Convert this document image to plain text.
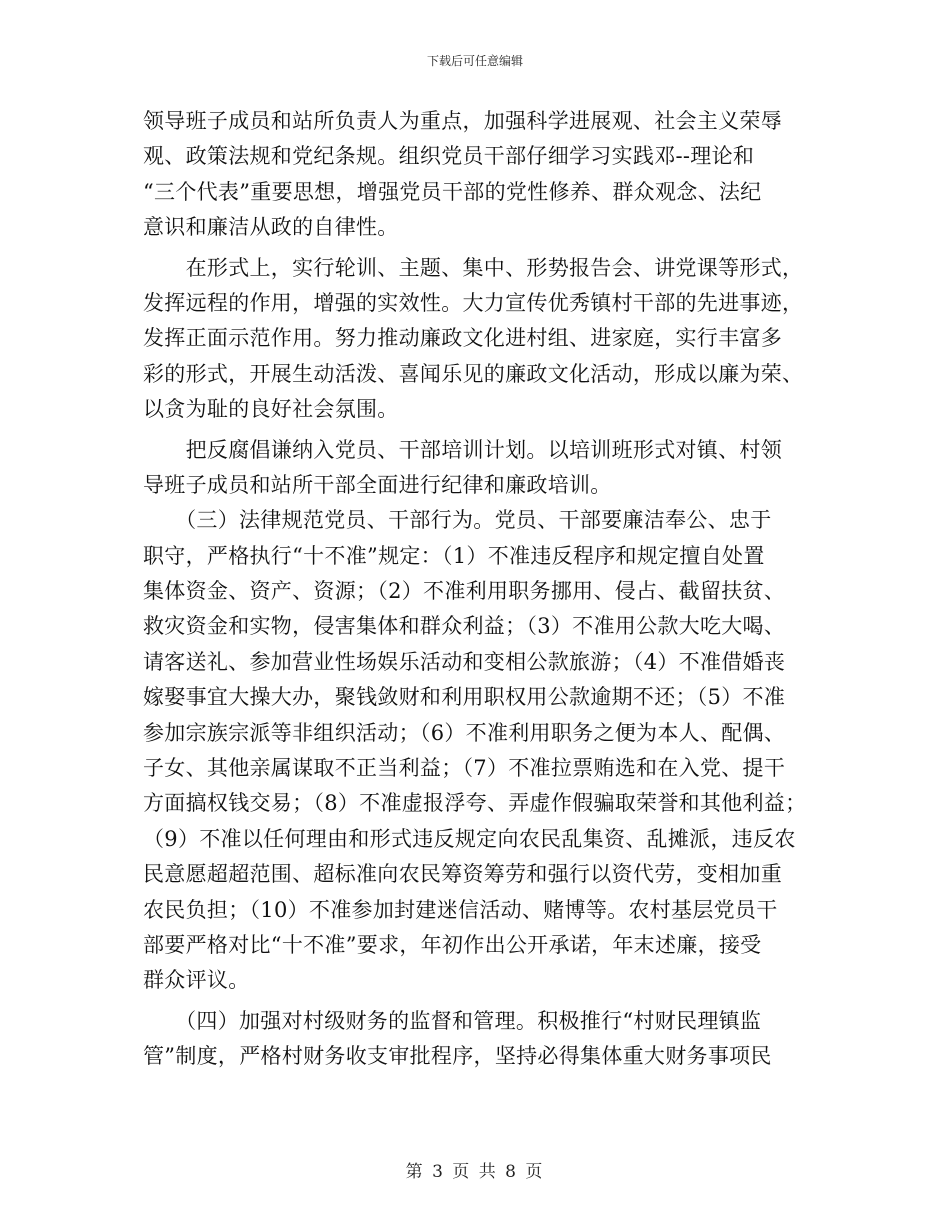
下载后可任意编辑
领导班子成员和站所负责人为重点，加强科学进展观、社会主义荣辱
观、政策法规和党纪条规。组织党员干部仔细学习实践邓--理论和
“三个代表”重要思想，增强党员干部的党性修养、群众观念、法纪
意识和廉洁从政的自律性。
　　在形式上，实行轮训、主题、集中、形势报告会、讲党课等形式，
发挥远程的作用，增强的实效性。大力宣传优秀镇村干部的先进事迹，
发挥正面示范作用。努力推动廉政文化进村组、进家庭，实行丰富多
彩的形式，开展生动活泼、喜闻乐见的廉政文化活动，形成以廉为荣、
以贪为耻的良好社会氛围。
　　把反腐倡谦纳入党员、干部培训计划。以培训班形式对镇、村领
导班子成员和站所干部全面进行纪律和廉政培训。
　　（三）法律规范党员、干部行为。党员、干部要廉洁奉公、忠于
职守，严格执行“十不准”规定：（1）不准违反程序和规定擅自处置
集体资金、资产、资源；（2）不准利用职务挪用、侵占、截留扶贫、
救灾资金和实物，侵害集体和群众利益；（3）不准用公款大吃大喝、
请客送礼、参加营业性场娱乐活动和变相公款旅游；（4）不准借婚丧
嫁娶事宜大操大办，聚钱敛财和利用职权用公款逾期不还；（5）不准
参加宗族宗派等非组织活动；（6）不准利用职务之便为本人、配偶、
子女、其他亲属谋取不正当利益；（7）不准拉票贿选和在入党、提干
方面搞权钱交易；（8）不准虚报浮夸、弄虚作假骗取荣誉和其他利益；
（9）不准以任何理由和形式违反规定向农民乱集资、乱摊派，违反农
民意愿超超范围、超标准向农民筹资筹劳和强行以资代劳，变相加重
农民负担；（10）不准参加封建迷信活动、赌博等。农村基层党员干
部要严格对比“十不准”要求，年初作出公开承诺，年末述廉，接受
群众评议。
　　（四）加强对村级财务的监督和管理。积极推行“村财民理镇监
管”制度，严格村财务收支审批程序，坚持必得集体重大财务事项民
第 3 页 共 8 页
